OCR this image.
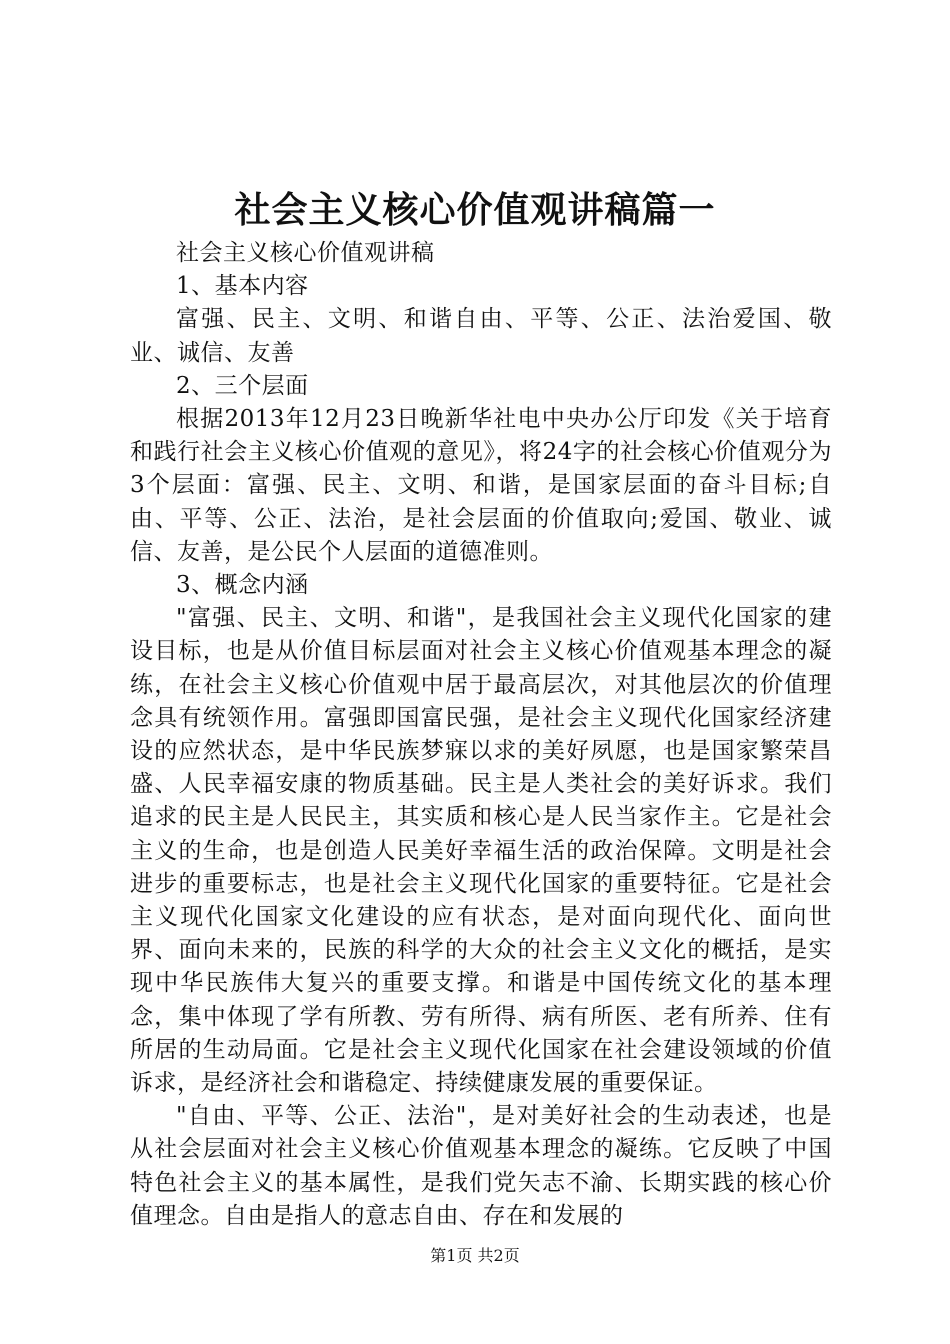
社会主义核心价值观讲稿篇一

社会主义核心价值观讲稿

1、基本内容

富强、民主、文明、和谐自由、平等、公正、法治爱国、敬业、诚信、友善

2、三个层面

根据2013年12月23日晚新华社电中央办公厅印发《关于培育和践行社会主义核心价值观的意见》，将24字的社会核心价值观分为3个层面：富强、民主、文明、和谐，是国家层面的奋斗目标;自由、平等、公正、法治，是社会层面的价值取向;爱国、敬业、诚信、友善，是公民个人层面的道德准则。

3、概念内涵

"富强、民主、文明、和谐"，是我国社会主义现代化国家的建设目标，也是从价值目标层面对社会主义核心价值观基本理念的凝练，在社会主义核心价值观中居于最高层次，对其他层次的价值理念具有统领作用。富强即国富民强，是社会主义现代化国家经济建设的应然状态，是中华民族梦寐以求的美好夙愿，也是国家繁荣昌盛、人民幸福安康的物质基础。民主是人类社会的美好诉求。我们追求的民主是人民民主，其实质和核心是人民当家作主。它是社会主义的生命，也是创造人民美好幸福生活的政治保障。文明是社会进步的重要标志，也是社会主义现代化国家的重要特征。它是社会主义现代化国家文化建设的应有状态，是对面向现代化、面向世界、面向未来的，民族的科学的大众的社会主义文化的概括，是实现中华民族伟大复兴的重要支撑。和谐是中国传统文化的基本理念，集中体现了学有所教、劳有所得、病有所医、老有所养、住有所居的生动局面。它是社会主义现代化国家在社会建设领域的价值诉求，是经济社会和谐稳定、持续健康发展的重要保证。

"自由、平等、公正、法治"，是对美好社会的生动表述，也是从社会层面对社会主义核心价值观基本理念的凝练。它反映了中国特色社会主义的基本属性，是我们党矢志不渝、长期实践的核心价值理念。自由是指人的意志自由、存在和发展的

第1页 共2页
